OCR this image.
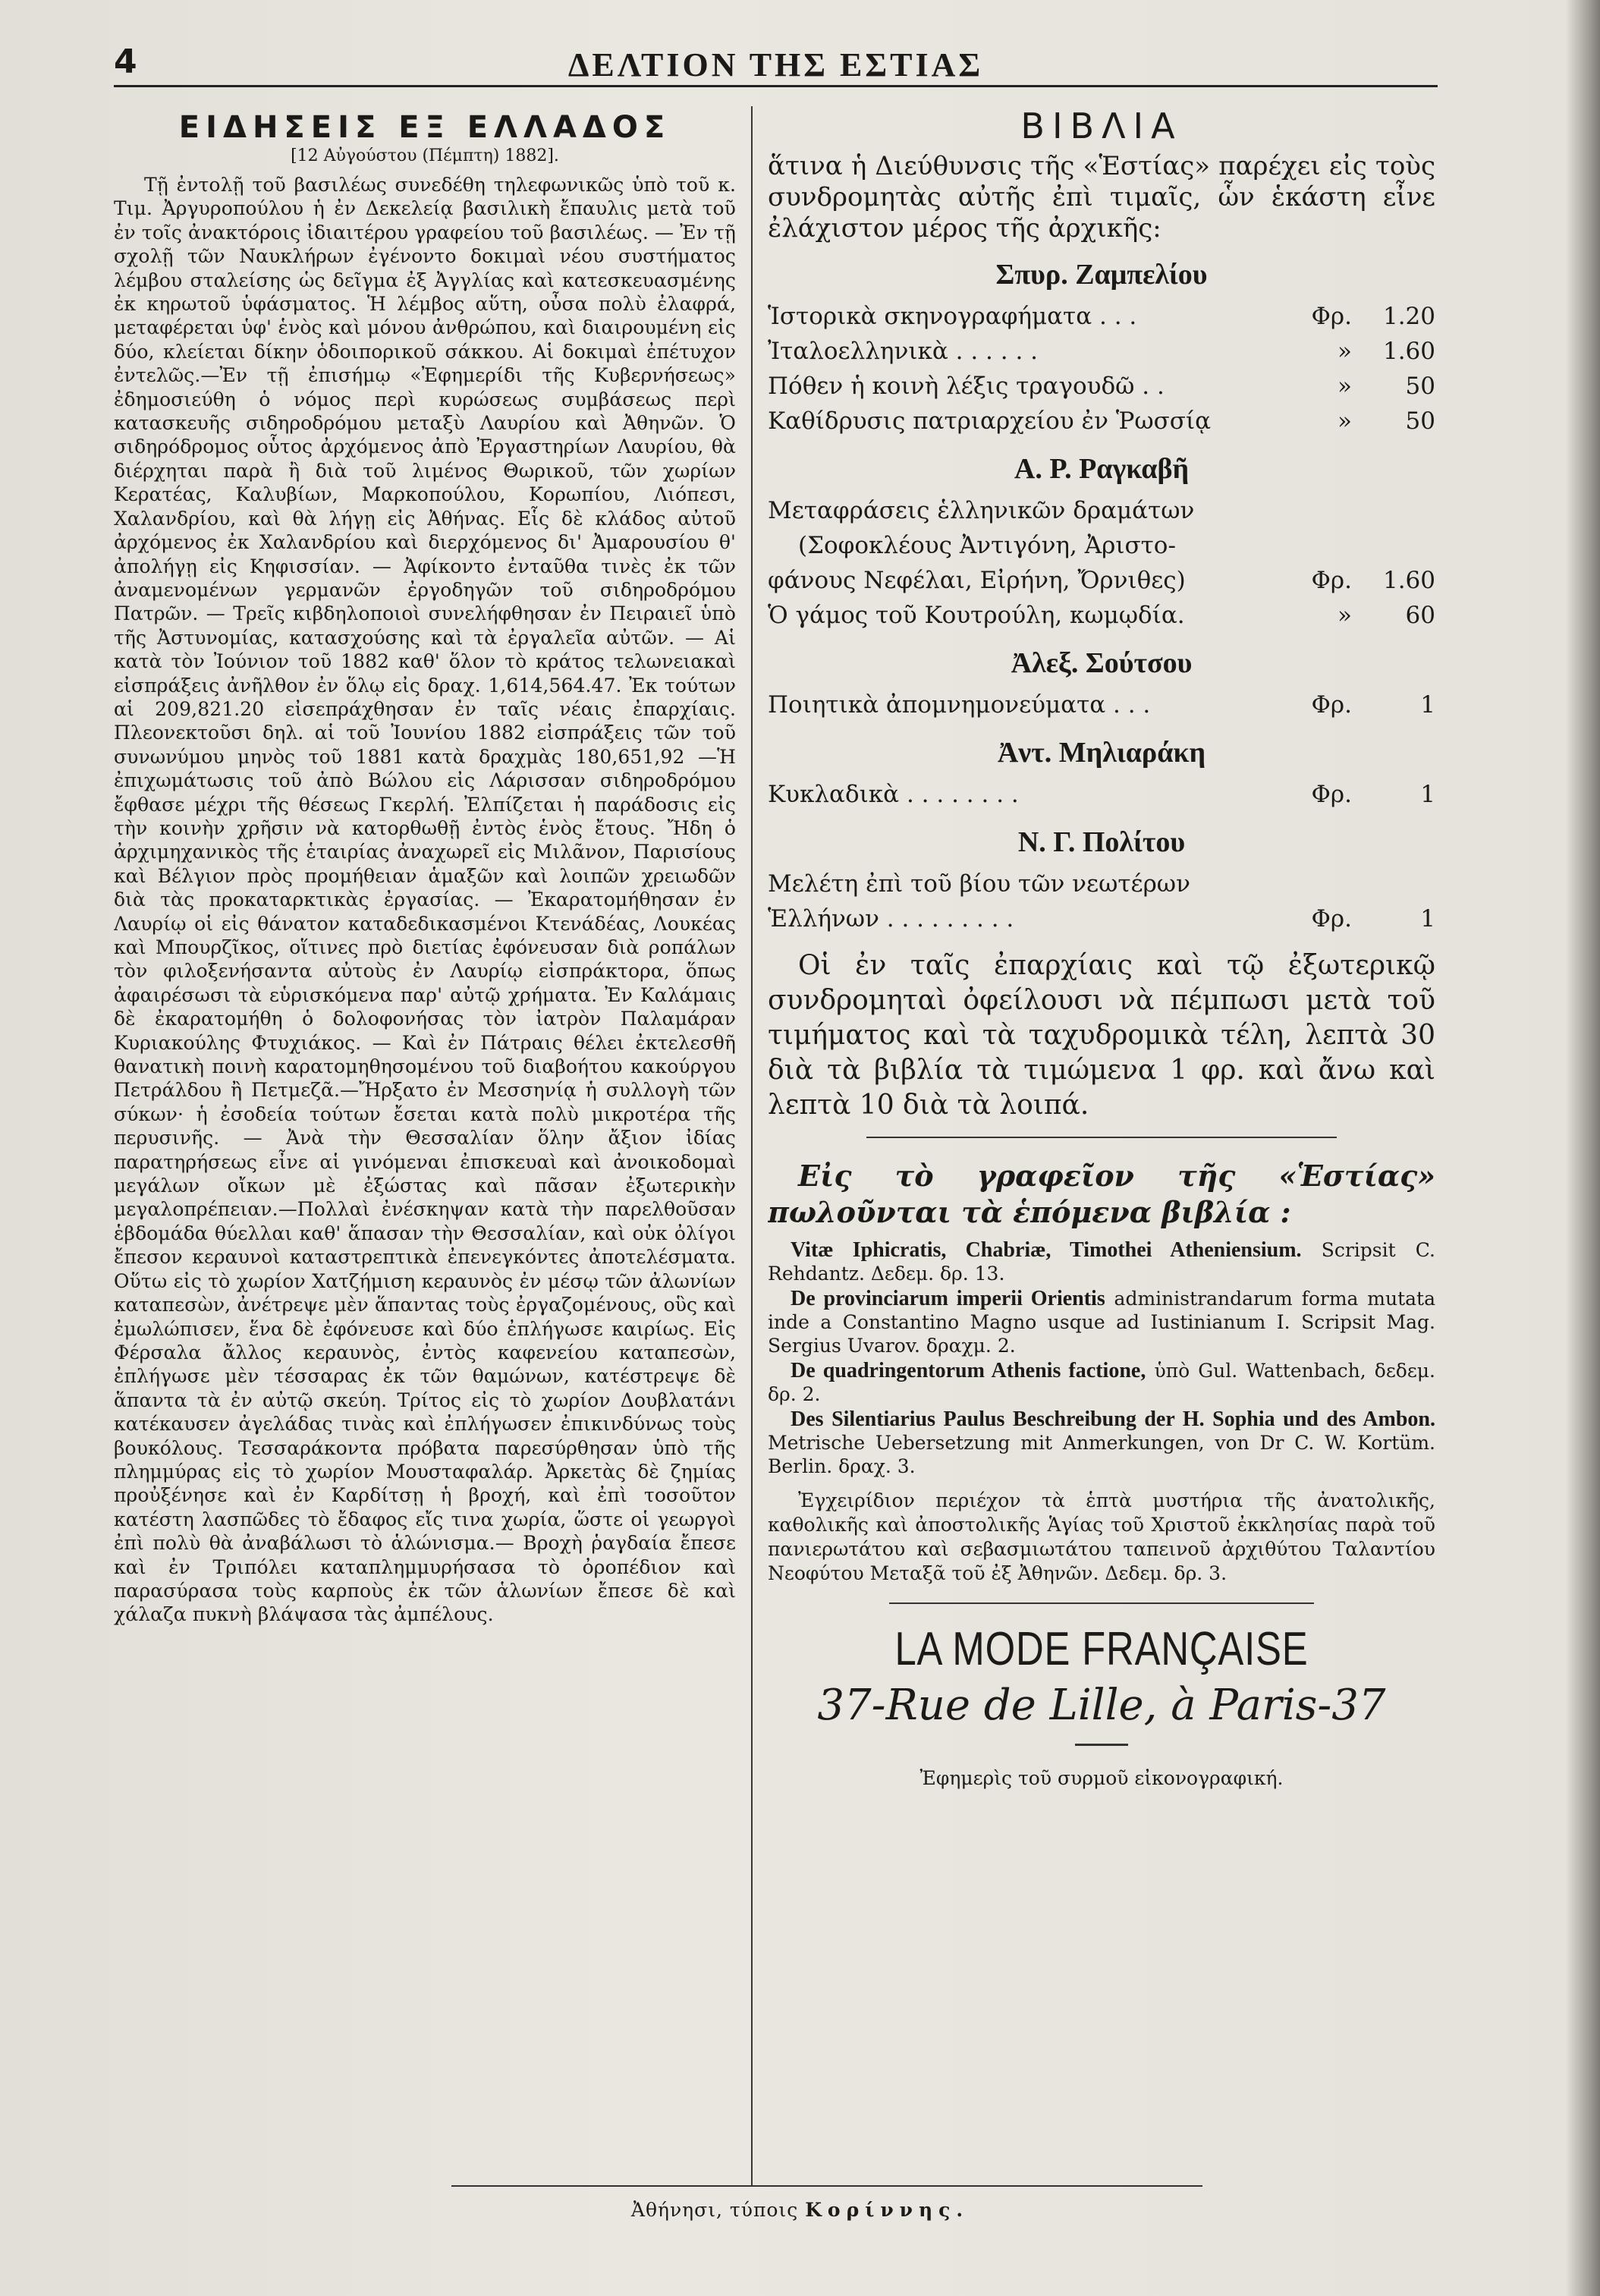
4	ΔΕΛΤΙΟΝ ΤΗΣ ΕΣΤΙΑΣ
ΕΙΔΗΣΕΙΣ ΕΞ ΕΛΛΑΔΟΣ
[12 Αὐγούστου (Πέμπτη) 1882].

Τῇ ἐντολῇ τοῦ βασιλέως συνεδέθη τηλεφωνικῶς ὑπὸ τοῦ κ. Τιμ. Ἀργυροπούλου ἡ ἐν Δεκελείᾳ βασιλικὴ ἔπαυλις μετὰ τοῦ ἐν τοῖς ἀνακτόροις ἰδιαιτέρου γραφείου τοῦ βασιλέως. — Ἐν τῇ σχολῇ τῶν Ναυκλήρων ἐγένοντο δοκιμαὶ νέου συστήματος λέμβου σταλείσης ὡς δεῖγμα ἐξ Ἀγγλίας καὶ κατεσκευασμένης ἐκ κηρωτοῦ ὑφάσματος. Ἡ λέμβος αὕτη, οὖσα πολὺ ἐλαφρά, μεταφέρεται ὑφ' ἑνὸς καὶ μόνου ἀνθρώπου, καὶ διαιρουμένη εἰς δύο, κλείεται δίκην ὁδοιπορικοῦ σάκκου. Αἱ δοκιμαὶ ἐπέτυχον ἐντελῶς.—Ἐν τῇ ἐπισήμῳ «Ἐφημερίδι τῆς Κυβερνήσεως» ἐδημοσιεύθη ὁ νόμος περὶ κυρώσεως συμβάσεως περὶ κατασκευῆς σιδηροδρόμου μεταξὺ Λαυρίου καὶ Ἀθηνῶν. Ὁ σιδηρόδρομος οὗτος ἀρχόμενος ἀπὸ Ἐργαστηρίων Λαυρίου, θὰ διέρχηται παρὰ ἢ διὰ τοῦ λιμένος Θωρικοῦ, τῶν χωρίων Κερατέας, Καλυβίων, Μαρκοπούλου, Κορωπίου, Λιόπεσι, Χαλανδρίου, καὶ θὰ λήγῃ εἰς Ἀθήνας. Εἷς δὲ κλάδος αὐτοῦ ἀρχόμενος ἐκ Χαλανδρίου καὶ διερχόμενος δι' Ἀμαρουσίου θ' ἀπολήγῃ εἰς Κηφισσίαν. — Ἀφίκοντο ἐνταῦθα τινὲς ἐκ τῶν ἀναμενομένων γερμανῶν ἐργοδηγῶν τοῦ σιδηροδρόμου Πατρῶν. — Τρεῖς κιβδηλοποιοὶ συνελήφθησαν ἐν Πειραιεῖ ὑπὸ τῆς Ἀστυνομίας, κατασχούσης καὶ τὰ ἐργαλεῖα αὐτῶν. — Αἱ κατὰ τὸν Ἰούνιον τοῦ 1882 καθ' ὅλον τὸ κράτος τελωνειακαὶ εἰσπράξεις ἀνῆλθον ἐν ὅλῳ εἰς δραχ. 1,614,564.47. Ἐκ τούτων αἱ 209,821.20 εἰσεπράχθησαν ἐν ταῖς νέαις ἐπαρχίαις. Πλεονεκτοῦσι δηλ. αἱ τοῦ Ἰουνίου 1882 εἰσπράξεις τῶν τοῦ συνωνύμου μηνὸς τοῦ 1881 κατὰ δραχμὰς 180,651,92 —Ἡ ἐπιχωμάτωσις τοῦ ἀπὸ Βώλου εἰς Λάρισσαν σιδηροδρόμου ἔφθασε μέχρι τῆς θέσεως Γκερλή. Ἐλπίζεται ἡ παράδοσις εἰς τὴν κοινὴν χρῆσιν νὰ κατορθωθῇ ἐντὸς ἑνὸς ἔτους. Ἤδη ὁ ἀρχιμηχανικὸς τῆς ἑταιρίας ἀναχωρεῖ εἰς Μιλᾶνον, Παρισίους καὶ Βέλγιον πρὸς προμήθειαν ἁμαξῶν καὶ λοιπῶν χρειωδῶν διὰ τὰς προκαταρκτικὰς ἐργασίας. — Ἐκαρατομήθησαν ἐν Λαυρίῳ οἱ εἰς θάνατον καταδεδικασμένοι Κτενάδέας, Λουκέας καὶ Μπουρζῖκος, οἵτινες πρὸ διετίας ἐφόνευσαν διὰ ροπάλων τὸν φιλοξενήσαντα αὐτοὺς ἐν Λαυρίῳ εἰσπράκτορα, ὅπως ἀφαιρέσωσι τὰ εὑρισκόμενα παρ' αὐτῷ χρήματα. Ἐν Καλάμαις δὲ ἐκαρατομήθη ὁ δολοφονήσας τὸν ἰατρὸν Παλαμάραν Κυριακούλης Φτυχιάκος. — Καὶ ἐν Πάτραις θέλει ἐκτελεσθῆ θανατικὴ ποινὴ καρατομηθησομένου τοῦ διαβοήτου κακούργου Πετράλδου ἢ Πετμεζᾶ.—Ἤρξατο ἐν Μεσσηνίᾳ ἡ συλλογὴ τῶν σύκων· ἡ ἐσοδεία τούτων ἔσεται κατὰ πολὺ μικροτέρα τῆς περυσινῆς. — Ἀνὰ τὴν Θεσσαλίαν ὅλην ἄξιον ἰδίας παρατηρήσεως εἶνε αἱ γινόμεναι ἐπισκευαὶ καὶ ἀνοικοδομαὶ μεγάλων οἴκων μὲ ἐξώστας καὶ πᾶσαν ἐξωτερικὴν μεγαλοπρέπειαν.—Πολλαὶ ἐνέσκηψαν κατὰ τὴν παρελθοῦσαν ἑβδομάδα θύελλαι καθ' ἅπασαν τὴν Θεσσαλίαν, καὶ οὐκ ὀλίγοι ἔπεσον κεραυνοὶ καταστρεπτικὰ ἐπενεγκόντες ἀποτελέσματα. Οὕτω εἰς τὸ χωρίον Χατζήμιση κεραυνὸς ἐν μέσῳ τῶν ἀλωνίων καταπεσὼν, ἀνέτρεψε μὲν ἅπαντας τοὺς ἐργαζομένους, οὓς καὶ ἐμωλώπισεν, ἕνα δὲ ἐφόνευσε καὶ δύο ἐπλήγωσε καιρίως. Εἰς Φέρσαλα ἄλλος κεραυνὸς, ἐντὸς καφενείου καταπεσὼν, ἐπλήγωσε μὲν τέσσαρας ἐκ τῶν θαμώνων, κατέστρεψε δὲ ἅπαντα τὰ ἐν αὐτῷ σκεύη. Τρίτος εἰς τὸ χωρίον Δουβλατάνι κατέκαυσεν ἀγελάδας τινὰς καὶ ἐπλήγωσεν ἐπικινδύνως τοὺς βουκόλους. Τεσσαράκοντα πρόβατα παρεσύρθησαν ὑπὸ τῆς πλημμύρας εἰς τὸ χωρίον Μουσταφαλάρ. Ἀρκετὰς δὲ ζημίας προὐξένησε καὶ ἐν Καρδίτσῃ ἡ βροχή, καὶ ἐπὶ τοσοῦτον κατέστη λασπῶδες τὸ ἔδαφος εἴς τινα χωρία, ὥστε οἱ γεωργοὶ ἐπὶ πολὺ θὰ ἀναβάλωσι τὸ ἁλώνισμα.— Βροχὴ ῥαγδαία ἔπεσε καὶ ἐν Τριπόλει καταπλημμυρήσασα τὸ ὀροπέδιον καὶ παρασύρασα τοὺς καρποὺς ἐκ τῶν ἁλωνίων ἔπεσε δὲ καὶ χάλαζα πυκνὴ βλάψασα τὰς ἀμπέλους.

ΒΙΒΛΙΑ

ἅτινα ἡ Διεύθυνσις τῆς «Ἑστίας» παρέχει εἰς τοὺς συνδρομητὰς αὐτῆς ἐπὶ τιμαῖς, ὧν ἑκάστη εἶνε ἐλάχιστον μέρος τῆς ἀρχικῆς:

Σπυρ. Ζαμπελίου
Ἱστορικὰ σκηνογραφήματα . . .	Φρ.	1.20
Ἰταλοελληνικὰ . . . . . .	»	1.60
Πόθεν ἡ κοινὴ λέξις τραγουδῶ . .	»	50
Καθίδρυσις πατριαρχείου ἐν Ῥωσσίᾳ	»	50
Α. Ρ. Ραγκαβῆ
Μεταφράσεις ἑλληνικῶν δραμάτων
(Σοφοκλέους Ἀντιγόνη, Ἀριστο-
φάνους Νεφέλαι, Εἰρήνη, Ὄρνιθες)	Φρ.	1.60
Ὁ γάμος τοῦ Κουτρούλη, κωμῳδία.	»	60
Ἀλεξ. Σούτσου
Ποιητικὰ ἀπομνημονεύματα . . .	Φρ.	1
Ἀντ. Μηλιαράκη
Κυκλαδικὰ . . . . . . . .	Φρ.	1
Ν. Γ. Πολίτου
Μελέτη ἐπὶ τοῦ βίου τῶν νεωτέρων
Ἑλλήνων . . . . . . . . .	Φρ.	1

Οἱ ἐν ταῖς ἐπαρχίαις καὶ τῷ ἐξωτερικῷ συνδρομηταὶ ὀφείλουσι νὰ πέμπωσι μετὰ τοῦ τιμήματος καὶ τὰ ταχυδρομικὰ τέλη, λεπτὰ 30 διὰ τὰ βιβλία τὰ τιμώμενα 1 φρ. καὶ ἄνω καὶ λεπτὰ 10 διὰ τὰ λοιπά.

Εἰς τὸ γραφεῖον τῆς «Ἑστίας» πωλοῦνται τὰ ἑπόμενα βιβλία :

Vitæ Iphicratis, Chabriæ, Timothei Atheniensium. Scripsit C. Rehdantz. Δεδεμ. δρ. 13.

De provinciarum imperii Orientis administrandarum forma mutata inde a Constantino Magno usque ad Iustinianum I. Scripsit Mag. Sergius Uvarov. δραχμ. 2.

De quadringentorum Athenis factione, ὑπὸ Gul. Wattenbach, δεδεμ. δρ. 2.

Des Silentiarius Paulus Beschreibung der H. Sophia und des Ambon. Metrische Uebersetzung mit Anmerkungen, von Dr C. W. Kortüm. Berlin. δραχ. 3.

Ἐγχειρίδιον περιέχον τὰ ἑπτὰ μυστήρια τῆς ἀνατολικῆς, καθολικῆς καὶ ἀποστολικῆς Ἁγίας τοῦ Χριστοῦ ἐκκλησίας παρὰ τοῦ πανιερωτάτου καὶ σεβασμιωτάτου ταπεινοῦ ἀρχιθύτου Ταλαντίου Νεοφύτου Μεταξᾶ τοῦ ἐξ Ἀθηνῶν. Δεδεμ. δρ. 3.

LA MODE FRANÇAISE
37-Rue de Lille, à Paris-37

Ἐφημερὶς τοῦ συρμοῦ εἰκονογραφική.

Ἀθήνησι, τύποις Κορίννης.
